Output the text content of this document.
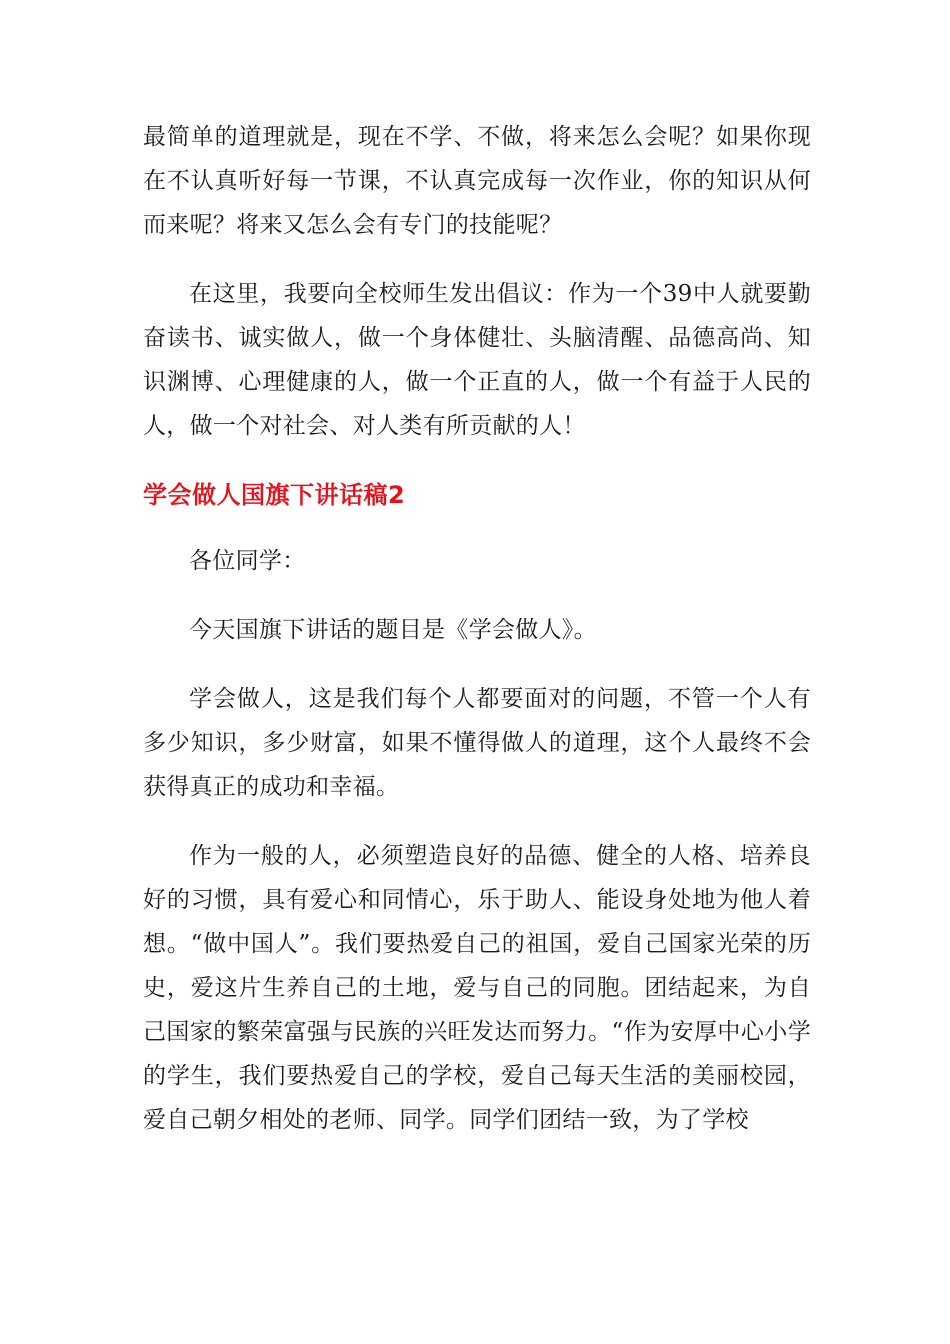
最简单的道理就是，现在不学、不做，将来怎么会呢？如果你现在不认真听好每一节课，不认真完成每一次作业，你的知识从何而来呢？将来又怎么会有专门的技能呢？

在这里，我要向全校师生发出倡议：作为一个39中人就要勤奋读书、诚实做人，做一个身体健壮、头脑清醒、品德高尚、知识渊博、心理健康的人，做一个正直的人，做一个有益于人民的人，做一个对社会、对人类有所贡献的人！

学会做人国旗下讲话稿2

各位同学：

今天国旗下讲话的题目是《学会做人》。

学会做人，这是我们每个人都要面对的问题，不管一个人有多少知识，多少财富，如果不懂得做人的道理，这个人最终不会获得真正的成功和幸福。

作为一般的人，必须塑造良好的品德、健全的人格、培养良好的习惯，具有爱心和同情心，乐于助人、能设身处地为他人着想。“做中国人”。我们要热爱自己的祖国，爱自己国家光荣的历史，爱这片生养自己的土地，爱与自己的同胞。团结起来，为自己国家的繁荣富强与民族的兴旺发达而努力。“作为安厚中心小学的学生，我们要热爱自己的学校，爱自己每天生活的美丽校园，爱自己朝夕相处的老师、同学。同学们团结一致，为了学校
